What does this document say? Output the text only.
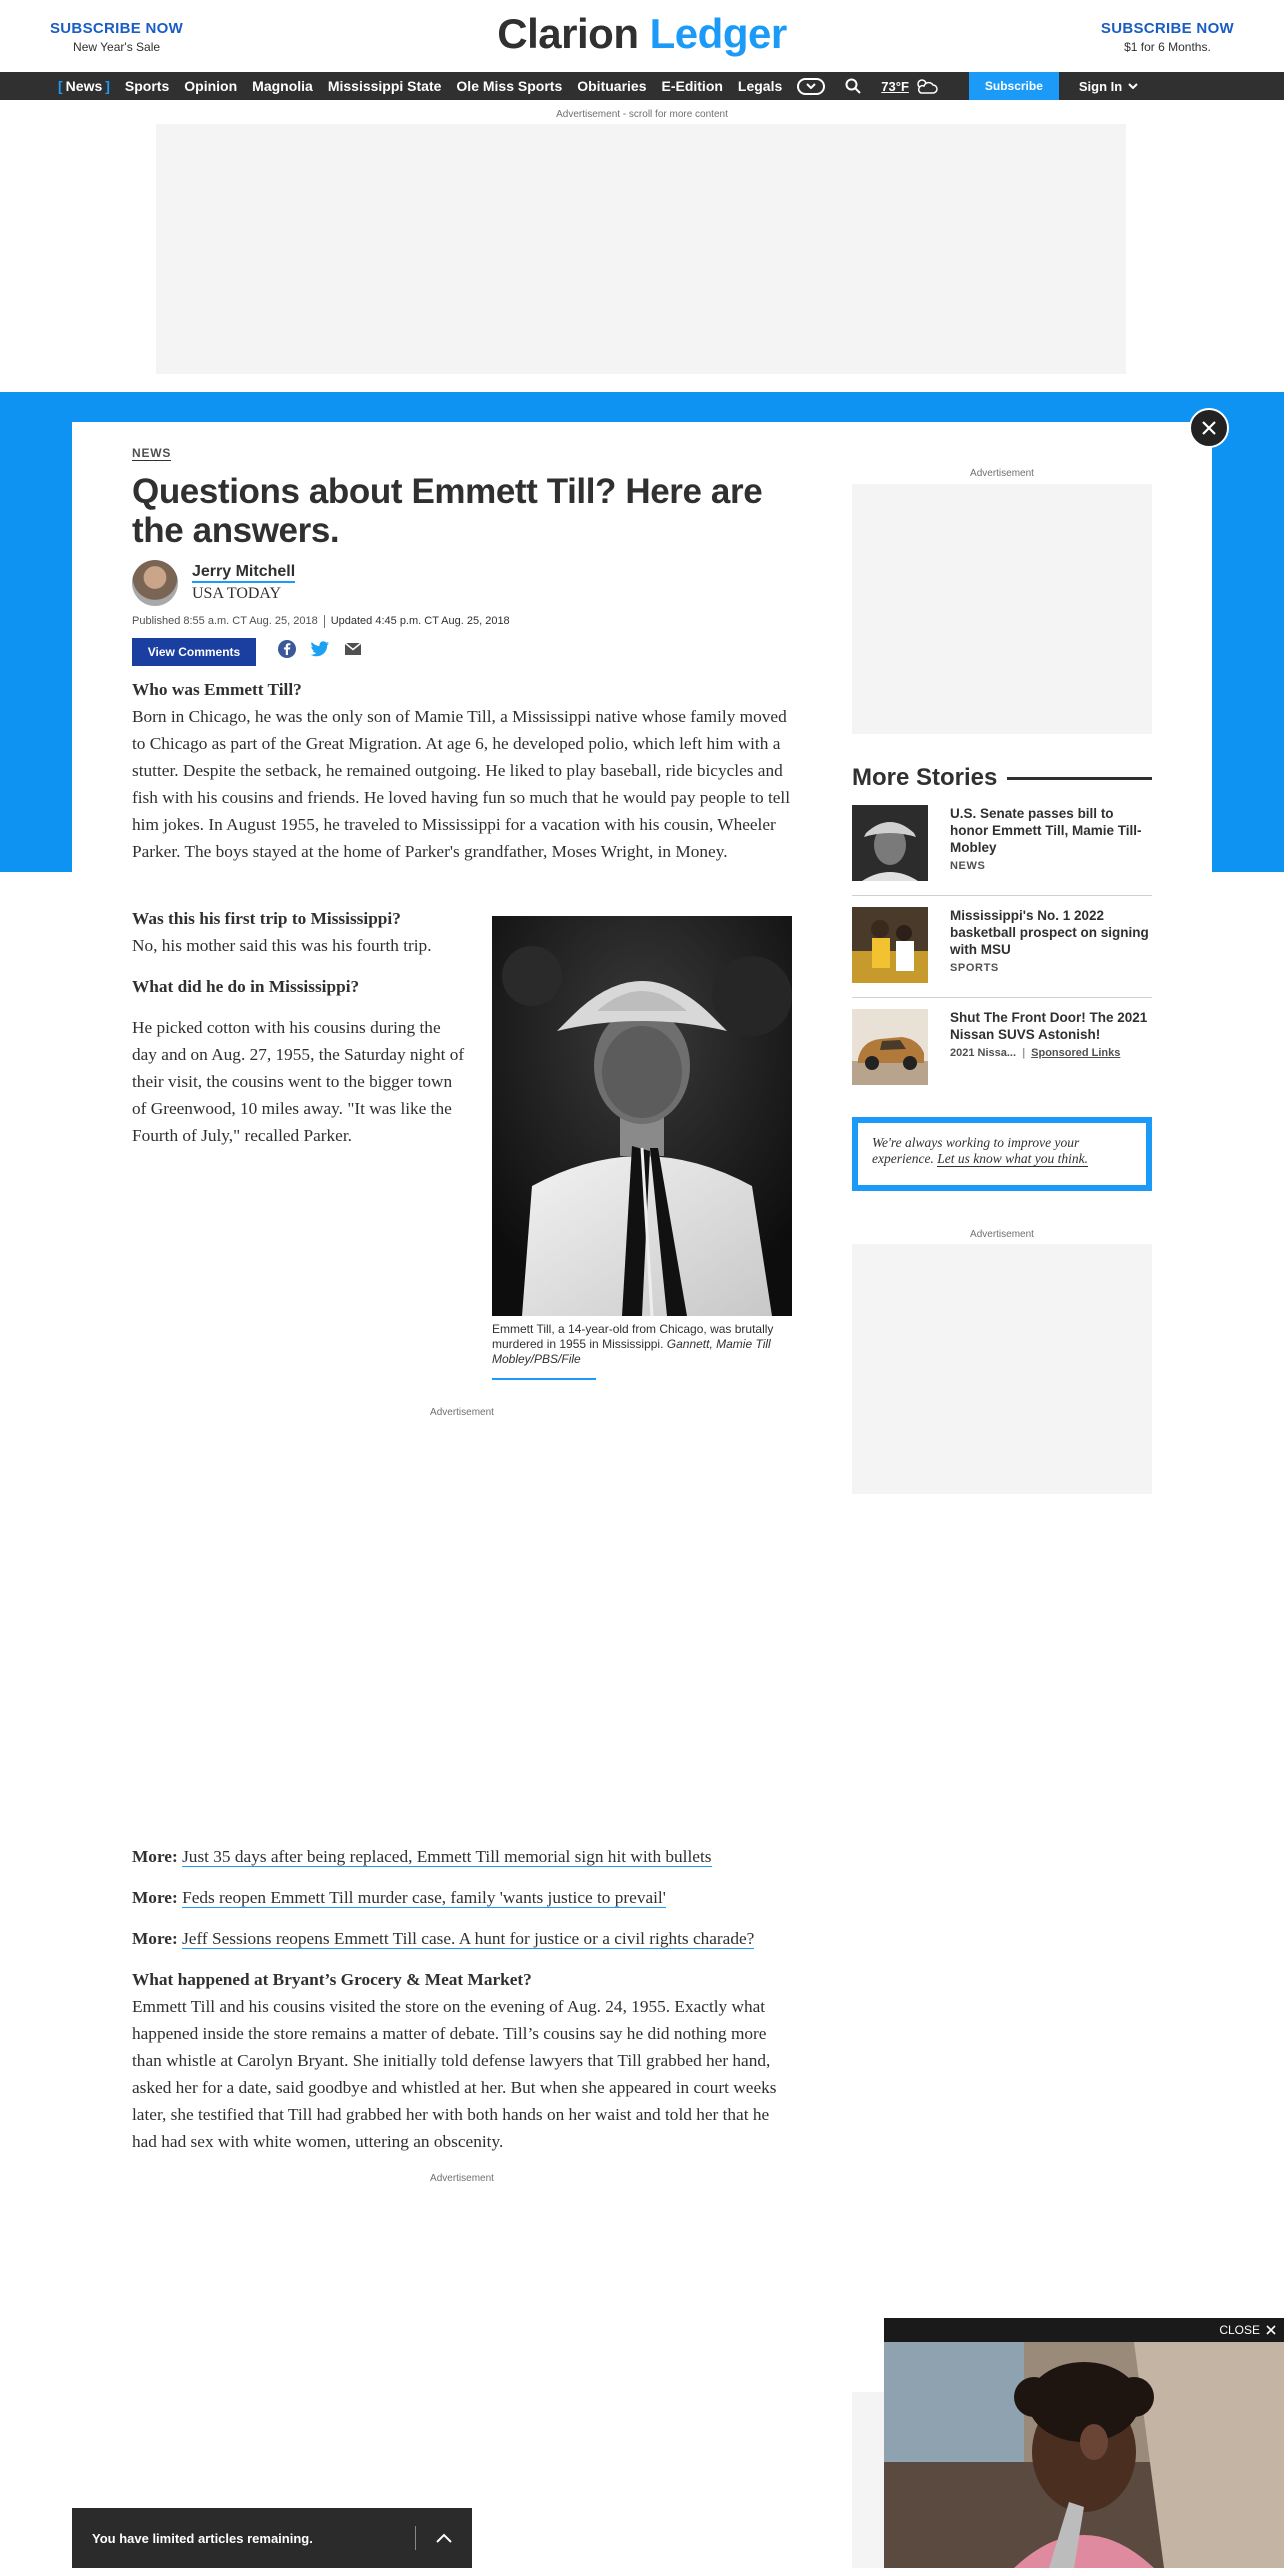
SUBSCRIBE NOW
New Year's Sale	Clarion Ledger	SUBSCRIBE NOW
$1 for 6 Months.
[ News ]	Sports Opinion Magnolia Mississippi State Ole Miss Sports Obituaries E-Edition Legals	73°F	Subscribe	Sign In
Advertisement - scroll for more content
NEWS
Questions about Emmett Till? Here are the answers.
Jerry Mitchell
USA TODAY
Published 8:55 a.m. CT Aug. 25, 2018 Updated 4:45 p.m. CT Aug. 25, 2018
View Comments
Who was Emmett Till?
Born in Chicago, he was the only son of Mamie Till, a Mississippi native whose family moved to Chicago as part of the Great Migration. At age 6, he developed polio, which left him with a stutter. Despite the setback, he remained outgoing. He liked to play baseball, ride bicycles and fish with his cousins and friends. He loved having fun so much that he would pay people to tell him jokes. In August 1955, he traveled to Mississippi for a vacation with his cousin, Wheeler Parker. The boys stayed at the home of Parker's grandfather, Moses Wright, in Money.
Was this his first trip to Mississippi?
No, his mother said this was his fourth trip.
What did he do in Mississippi?
He picked cotton with his cousins during the day and on Aug. 27, 1955, the Saturday night of their visit, the cousins went to the bigger town of Greenwood, 10 miles away. "It was like the Fourth of July," recalled Parker.
Emmett Till, a 14-year-old from Chicago, was brutally murdered in 1955 in Mississippi. Gannett, Mamie Till Mobley/PBS/File
Advertisement
More: Just 35 days after being replaced, Emmett Till memorial sign hit with bullets
More: Feds reopen Emmett Till murder case, family 'wants justice to prevail'
More: Jeff Sessions reopens Emmett Till case. A hunt for justice or a civil rights charade?
What happened at Bryant’s Grocery & Meat Market?
Emmett Till and his cousins visited the store on the evening of Aug. 24, 1955. Exactly what happened inside the store remains a matter of debate. Till’s cousins say he did nothing more than whistle at Carolyn Bryant. She initially told defense lawyers that Till grabbed her hand, asked her for a date, said goodbye and whistled at her. But when she appeared in court weeks later, she testified that Till had grabbed her with both hands on her waist and told her that he had had sex with white women, uttering an obscenity.
Advertisement
Advertisement
More Stories
U.S. Senate passes bill to honor Emmett Till, Mamie Till-Mobley
NEWS
Mississippi's No. 1 2022 basketball prospect on signing with MSU
SPORTS
Shut The Front Door! The 2021 Nissan SUVS Astonish!
2021 Nissa... | Sponsored Links

We're always working to improve your experience. Let us know what you think.

Advertisement
CLOSE
You have limited articles remaining.
